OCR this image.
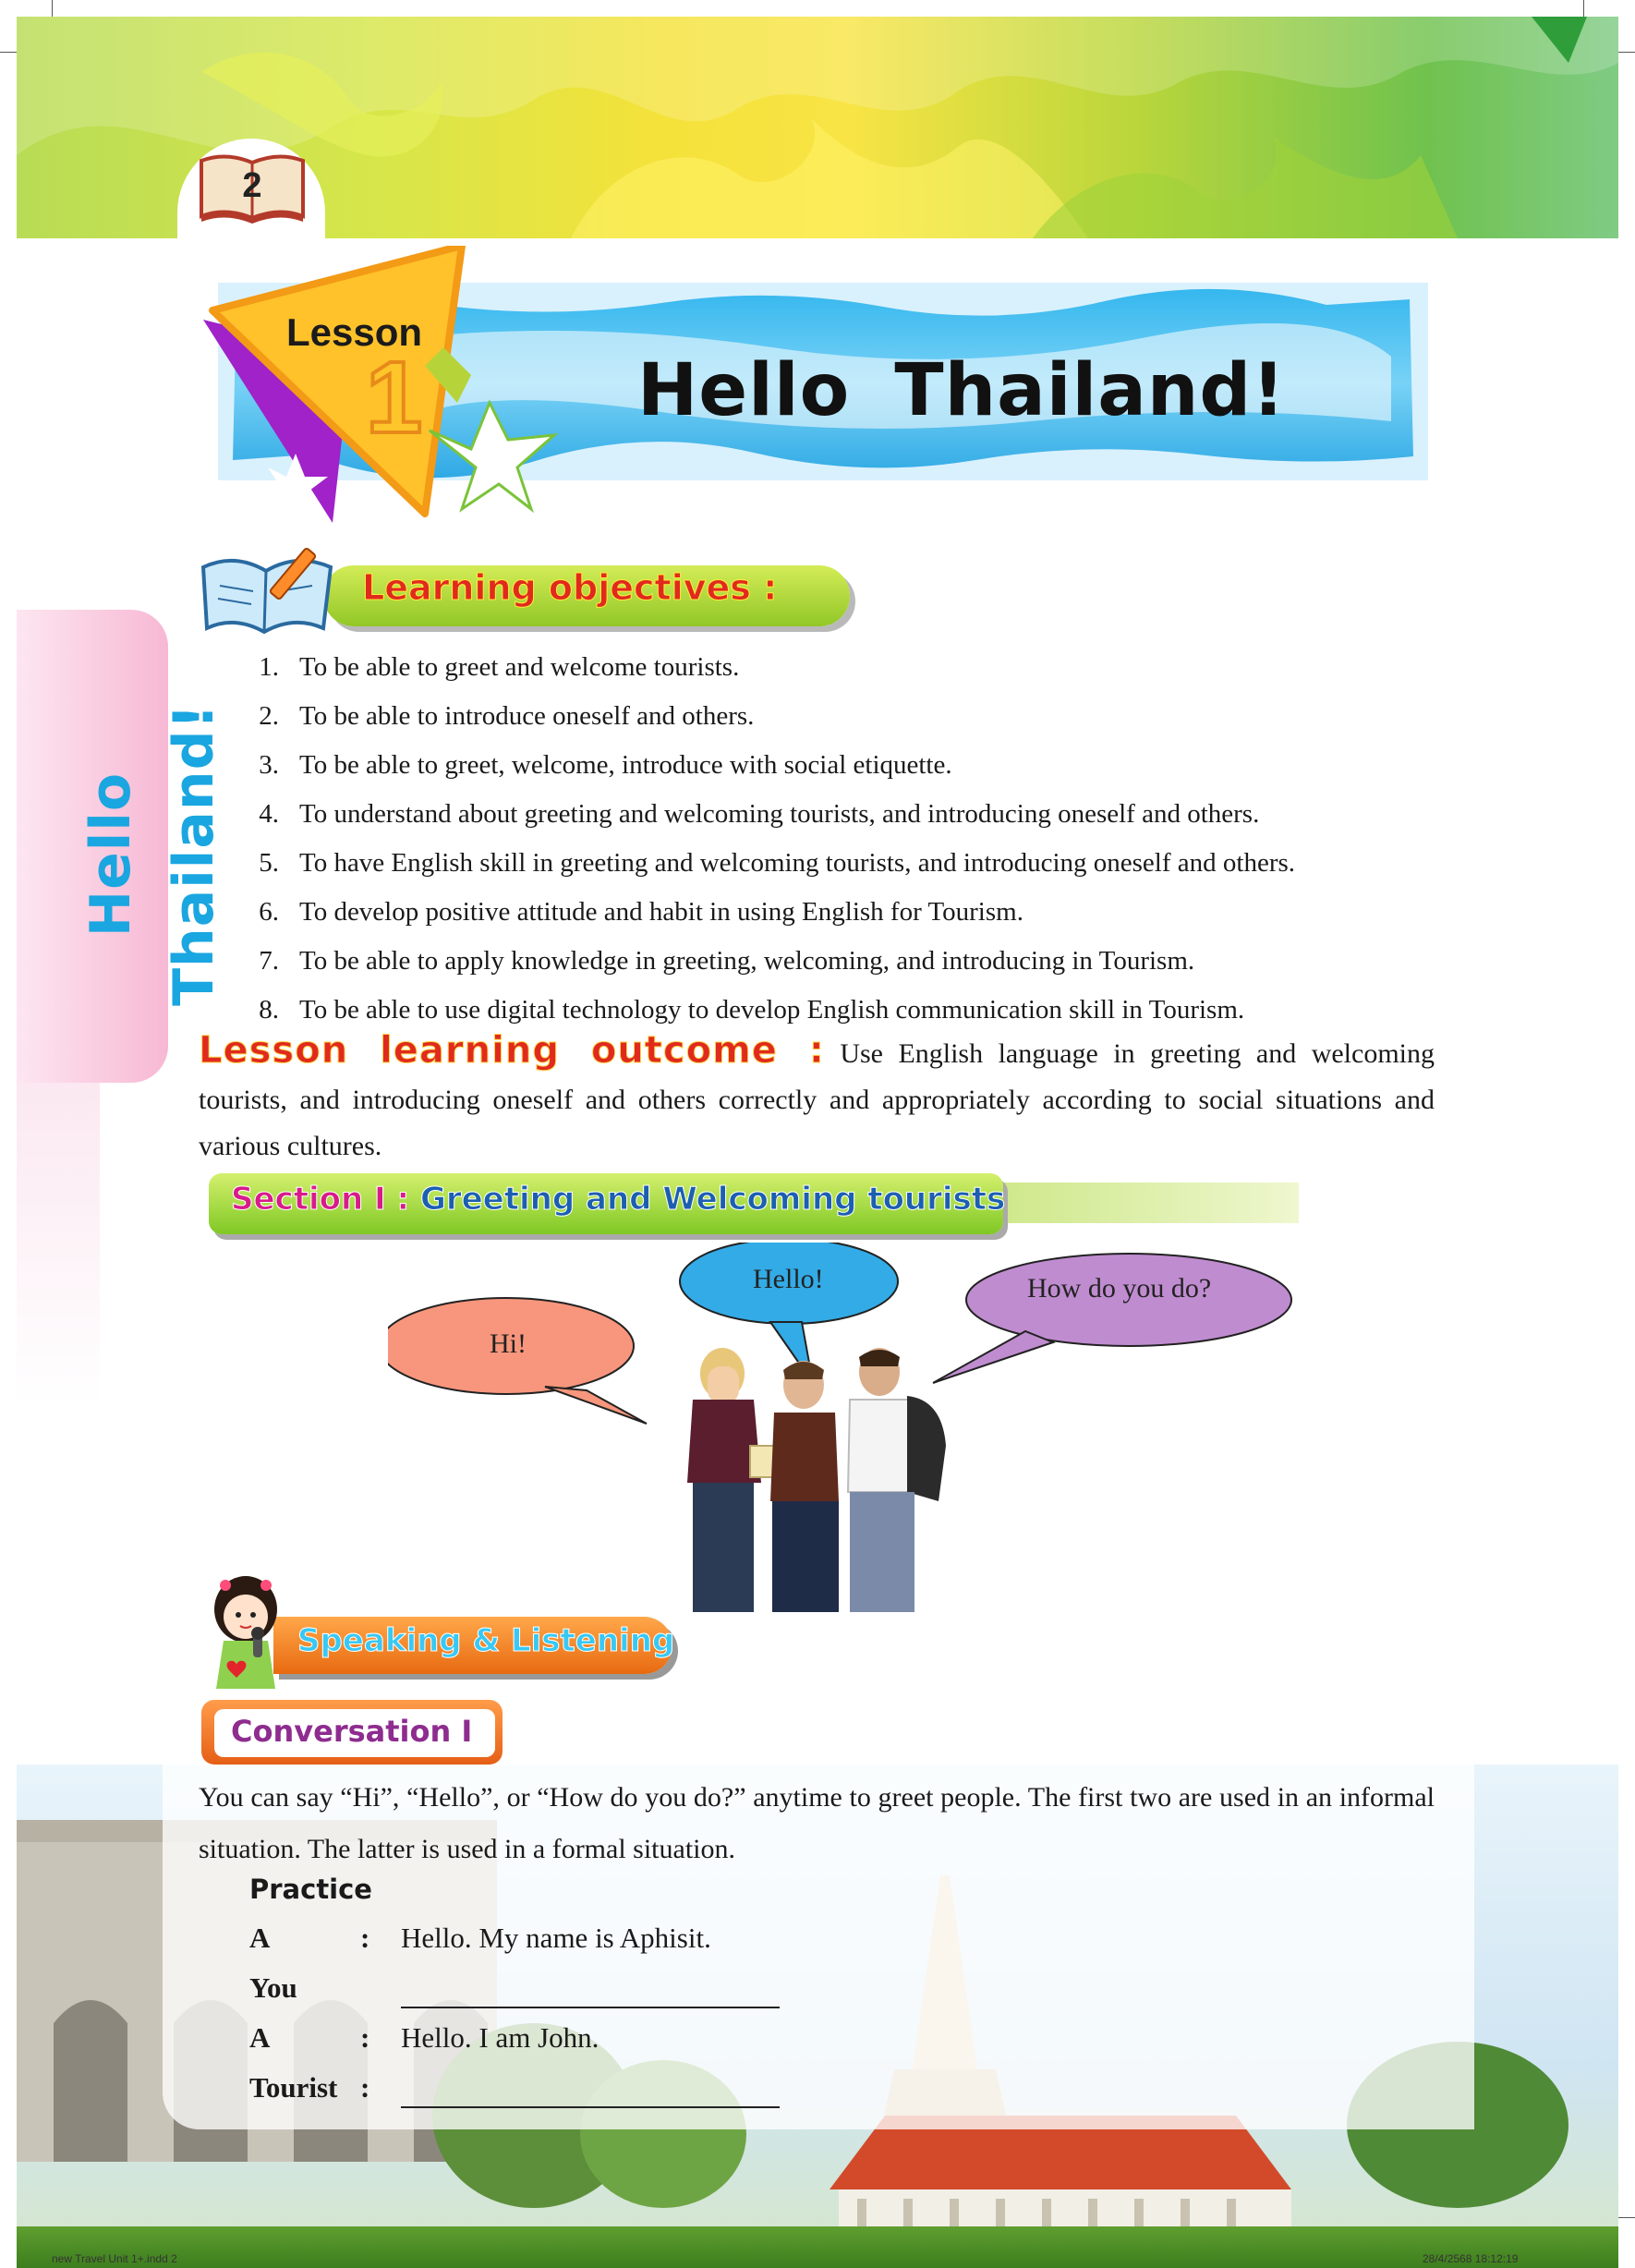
2
Lesson
1	Hello Thailand!
Hello Thailand!
Learning objectives :
1. To be able to greet and welcome tourists.
2. To be able to introduce oneself and others.
3. To be able to greet, welcome, introduce with social etiquette.
4. To understand about greeting and welcoming tourists, and introducing oneself and others.
5. To have English skill in greeting and welcoming tourists, and introducing oneself and others.
6. To develop positive attitude and habit in using English for Tourism.
7. To be able to apply knowledge in greeting, welcoming, and introducing in Tourism.
8. To be able to use digital technology to develop English communication skill in Tourism.

Lesson learning outcome : Use English language in greeting and welcoming tourists, and introducing oneself and others correctly and appropriately according to social situations and various cultures.

Section I : Greeting and Welcoming tourists
Hi!
Hello!	How do you do?
Speaking & Listening
Conversation I

You can say “Hi”, “Hello”, or “How do you do?” anytime to greet people. The first two are used in an informal situation. The latter is used in a formal situation.

Practice
A	: Hello. My name is Aphisit.
You
A	: Hello. I am John.
Tourist :
new Travel Unit 1+.indd 2	28/4/2568 18:12:19
